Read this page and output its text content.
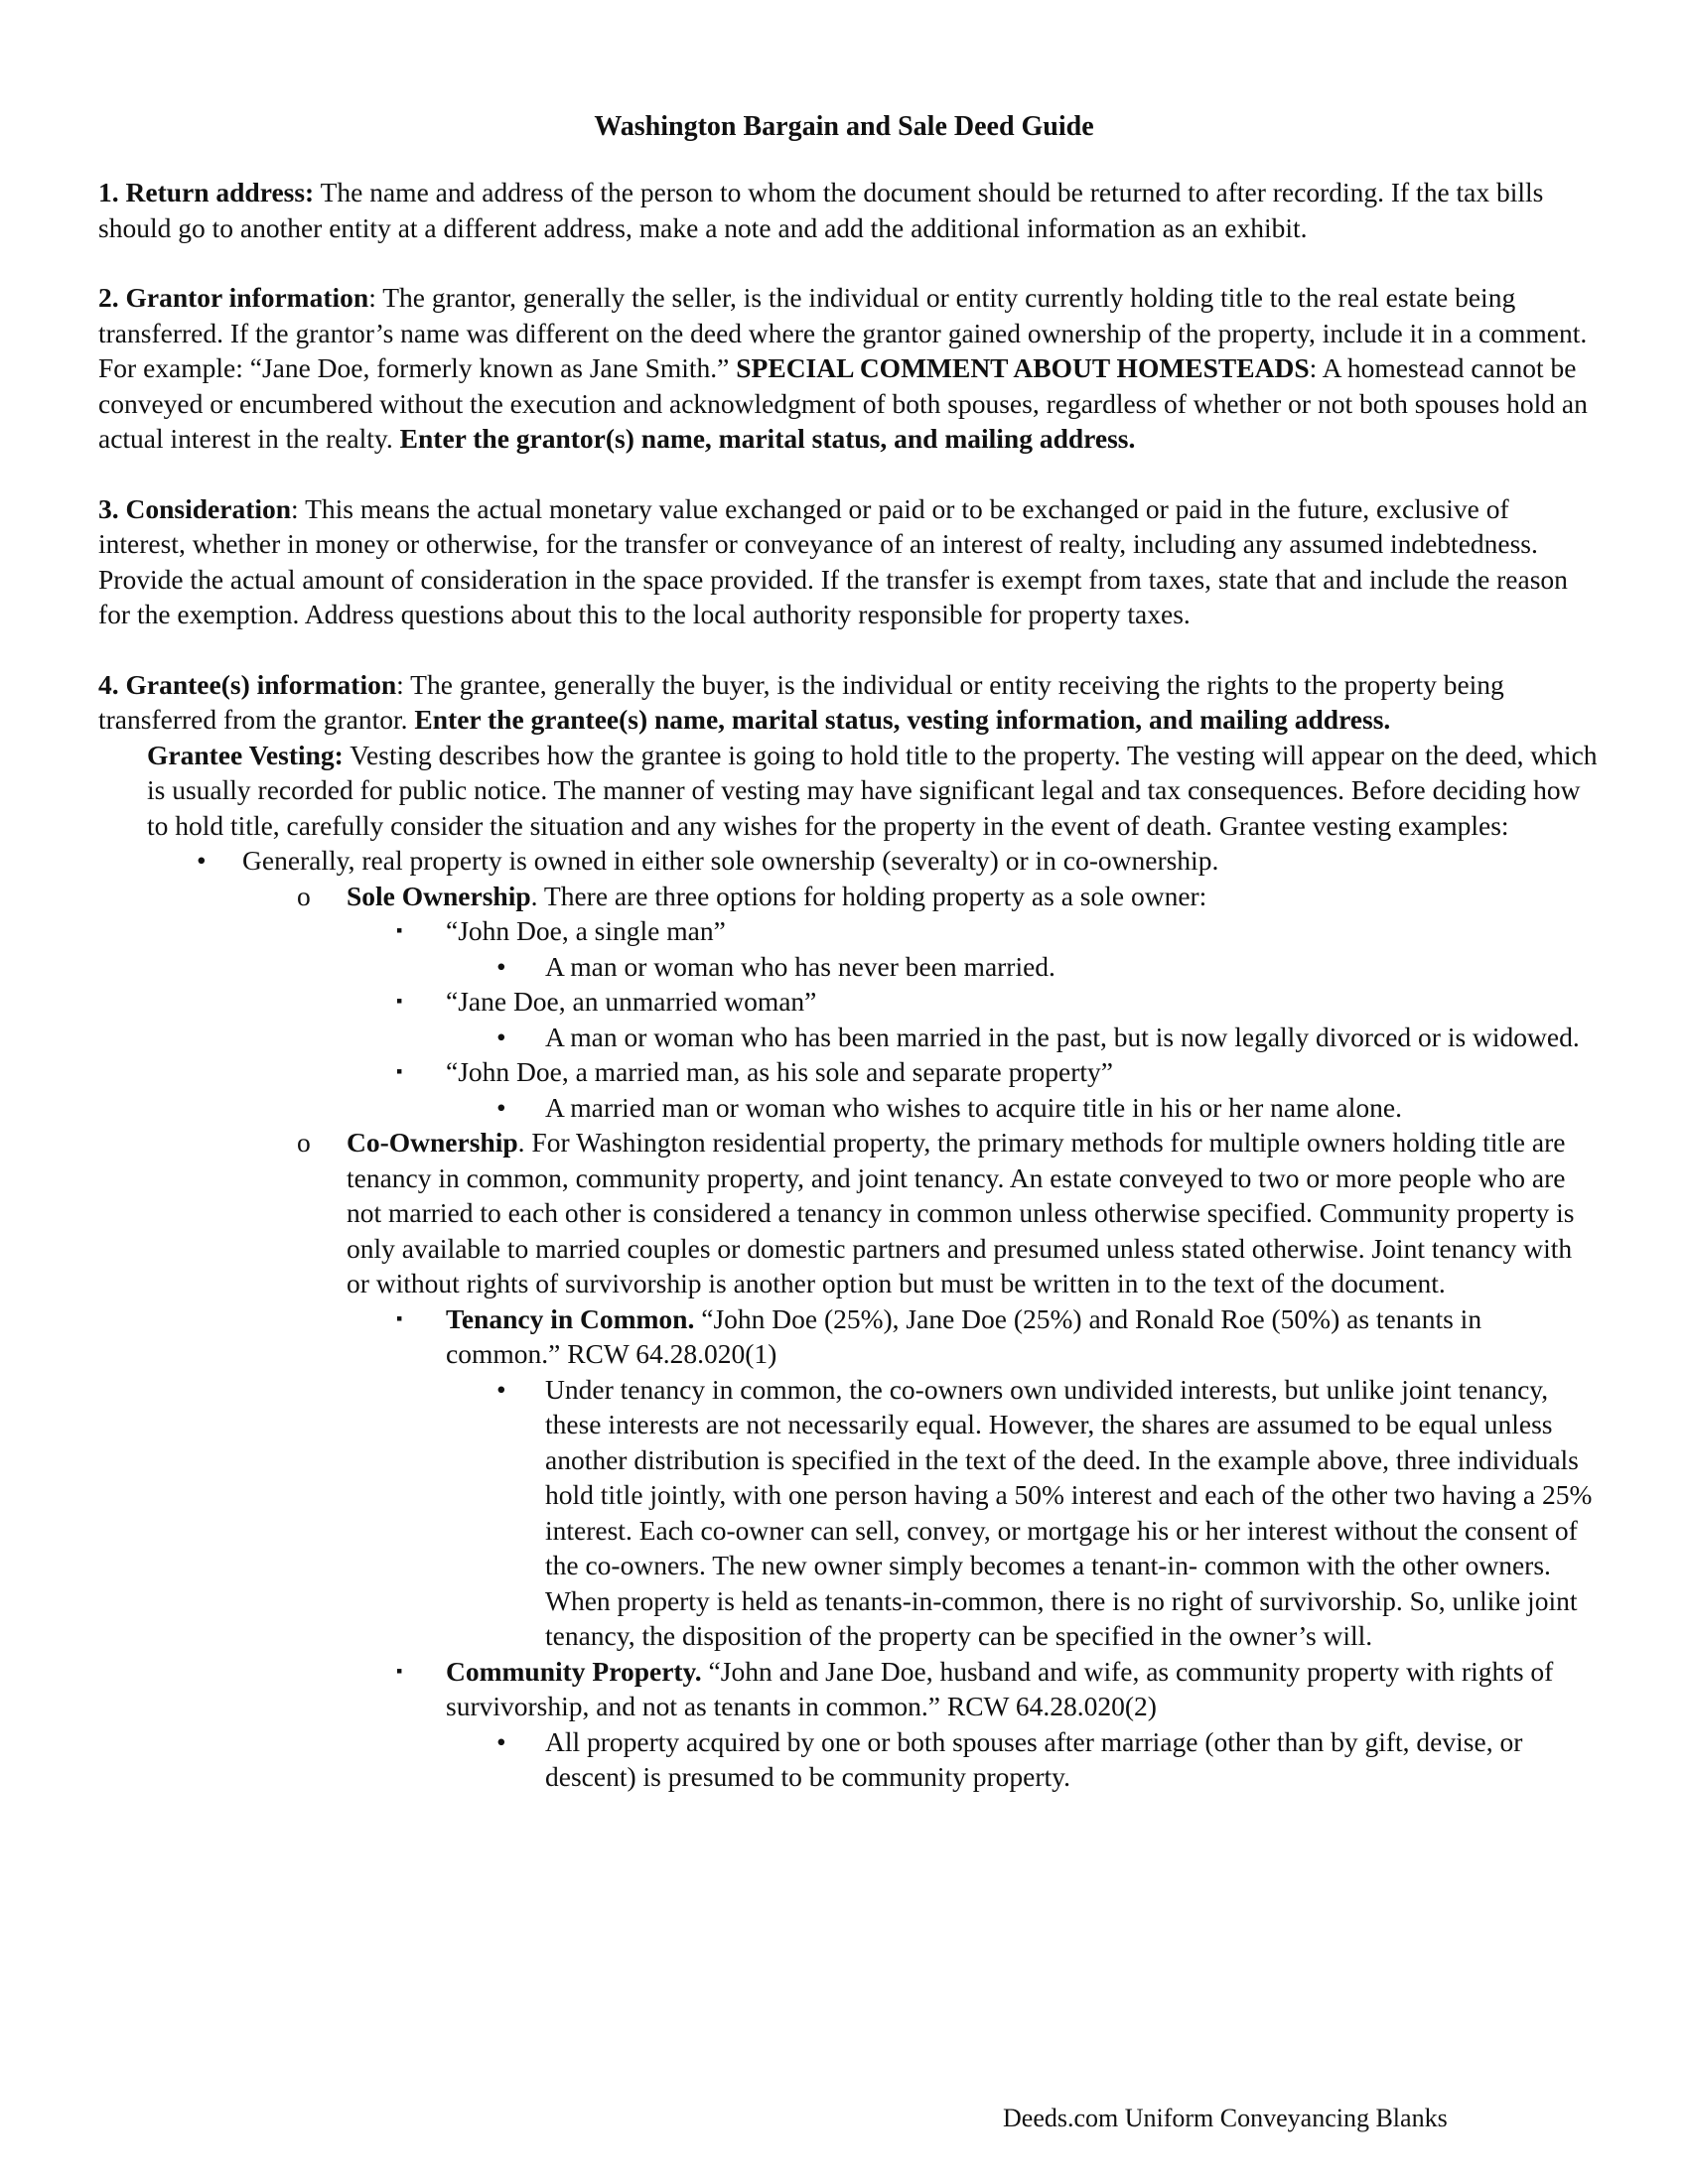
Washington Bargain and Sale Deed Guide

1. Return address: The name and address of the person to whom the document should be returned to after recording. If the tax bills should go to another entity at a different address, make a note and add the additional information as an exhibit.

2. Grantor information: The grantor, generally the seller, is the individual or entity currently holding title to the real estate being transferred. If the grantor’s name was different on the deed where the grantor gained ownership of the property, include it in a comment. For example: “Jane Doe, formerly known as Jane Smith.” SPECIAL COMMENT ABOUT HOMESTEADS: A homestead cannot be conveyed or encumbered without the execution and acknowledgment of both spouses, regardless of whether or not both spouses hold an actual interest in the realty. Enter the grantor(s) name, marital status, and mailing address.

3. Consideration: This means the actual monetary value exchanged or paid or to be exchanged or paid in the future, exclusive of interest, whether in money or otherwise, for the transfer or conveyance of an interest of realty, including any assumed indebtedness. Provide the actual amount of consideration in the space provided. If the transfer is exempt from taxes, state that and include the reason for the exemption. Address questions about this to the local authority responsible for property taxes.

4. Grantee(s) information: The grantee, generally the buyer, is the individual or entity receiving the rights to the property being transferred from the grantor. Enter the grantee(s) name, marital status, vesting information, and mailing address.

Grantee Vesting: Vesting describes how the grantee is going to hold title to the property. The vesting will appear on the deed, which is usually recorded for public notice. The manner of vesting may have significant legal and tax consequences. Before deciding how to hold title, carefully consider the situation and any wishes for the property in the event of death. Grantee vesting examples:

• Generally, real property is owned in either sole ownership (severalty) or in co-ownership.
o Sole Ownership. There are three options for holding property as a sole owner:
▪ “John Doe, a single man”
• A man or woman who has never been married.
▪ “Jane Doe, an unmarried woman”
• A man or woman who has been married in the past, but is now legally divorced or is widowed.
▪ “John Doe, a married man, as his sole and separate property”
• A married man or woman who wishes to acquire title in his or her name alone.
o Co-Ownership. For Washington residential property, the primary methods for multiple owners holding title are tenancy in common, community property, and joint tenancy. An estate conveyed to two or more people who are not married to each other is considered a tenancy in common unless otherwise specified. Community property is only available to married couples or domestic partners and presumed unless stated otherwise. Joint tenancy with or without rights of survivorship is another option but must be written in to the text of the document.
▪ Tenancy in Common. “John Doe (25%), Jane Doe (25%) and Ronald Roe (50%) as tenants in common.” RCW 64.28.020(1)
• Under tenancy in common, the co-owners own undivided interests, but unlike joint tenancy, these interests are not necessarily equal. However, the shares are assumed to be equal unless another distribution is specified in the text of the deed. In the example above, three individuals hold title jointly, with one person having a 50% interest and each of the other two having a 25% interest. Each co-owner can sell, convey, or mortgage his or her interest without the consent of the co-owners. The new owner simply becomes a tenant-in- common with the other owners. When property is held as tenants-in-common, there is no right of survivorship. So, unlike joint tenancy, the disposition of the property can be specified in the owner’s will.
▪ Community Property. “John and Jane Doe, husband and wife, as community property with rights of survivorship, and not as tenants in common.” RCW 64.28.020(2)
• All property acquired by one or both spouses after marriage (other than by gift, devise, or descent) is presumed to be community property.
Deeds.com Uniform Conveyancing Blanks
